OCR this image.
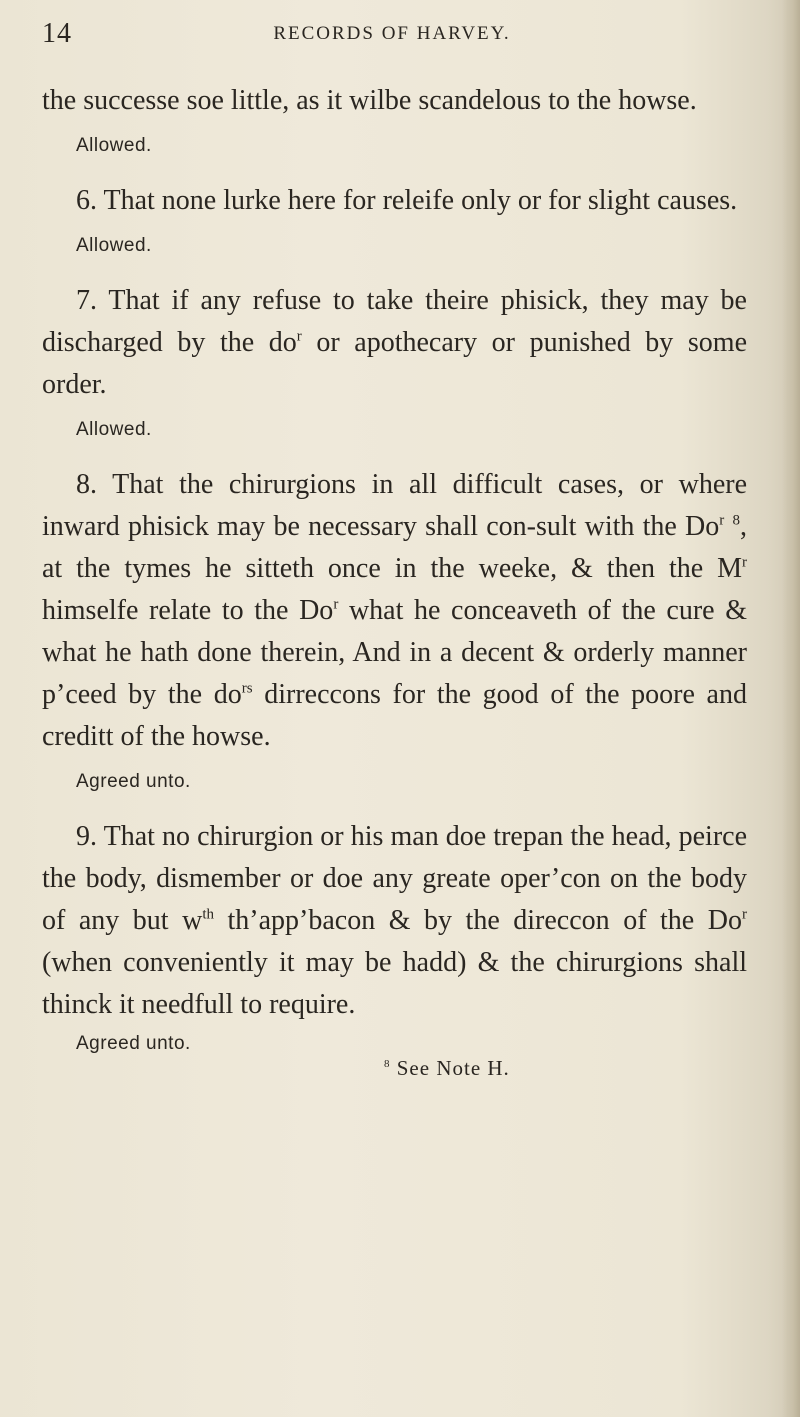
14	RECORDS OF HARVEY.

the successe soe little, as it wilbe scandelous to the howse.

Allowed.

6. That none lurke here for releife only or for slight causes.

Allowed.

7. That if any refuse to take theire phisick, they may be discharged by the $do^r$ or apothecary or punished by some order.

Allowed.

8. That the chirurgions in all difficult cases, or where inward phisick may be necessary shall con-sult with the Do$^r$ $^8$, at the tymes he sitteth once in the weeke, & then the $M^r$ himselfe relate to the Do$^r$ what he conceaveth of the cure & what he hath done therein, And in a decent & orderly manner p’ceed by the $do^{rs}$ dirreccons for the good of the poore and creditt of the howse.

Agreed unto.

9. That no chirurgion or his man doe trepan the head, peirce the body, dismember or doe any greate oper’con on the body of any but $w^{th}$ th’app’bacon & by the direccon of the Do$^r$ (when conveniently it may be hadd) & the chirurgions shall thinck it needfull to require.

Agreed unto.
$^8$ See Note H.
